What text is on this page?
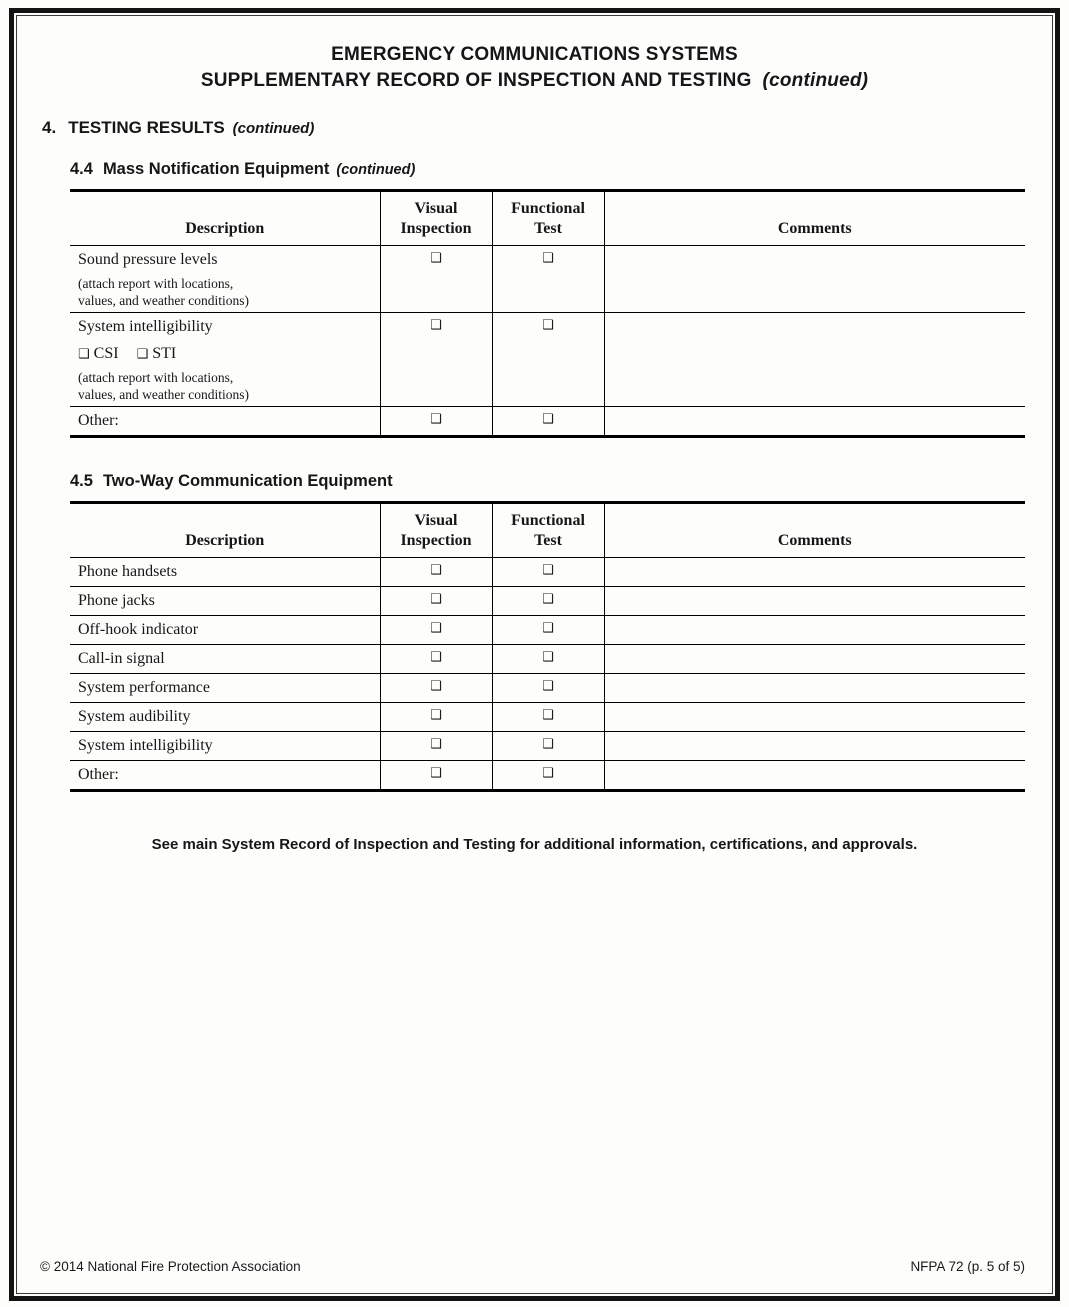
EMERGENCY COMMUNICATIONS SYSTEMS
SUPPLEMENTARY RECORD OF INSPECTION AND TESTING (continued)
4. TESTING RESULTS (continued)
4.4 Mass Notification Equipment (continued)
Description	Visual Inspection	Functional Test	Comments

Sound pressure levels
(attach report with locations,
values, and weather conditions)	❑	❑	

System intelligibility
❑ CSI ❑ STI
(attach report with locations,
values, and weather conditions)	❑	❑	

Other:	❑	❑	
4.5 Two-Way Communication Equipment
Description	Visual Inspection	Functional Test	Comments

Phone handsets	❑	❑	

Phone jacks	❑	❑	

Off-hook indicator	❑	❑	

Call-in signal	❑	❑	

System performance	❑	❑	

System audibility	❑	❑	

System intelligibility	❑	❑	

Other:	❑	❑	
See main System Record of Inspection and Testing for additional information, certifications, and approvals.
© 2014 National Fire Protection Association	NFPA 72 (p. 5 of 5)
